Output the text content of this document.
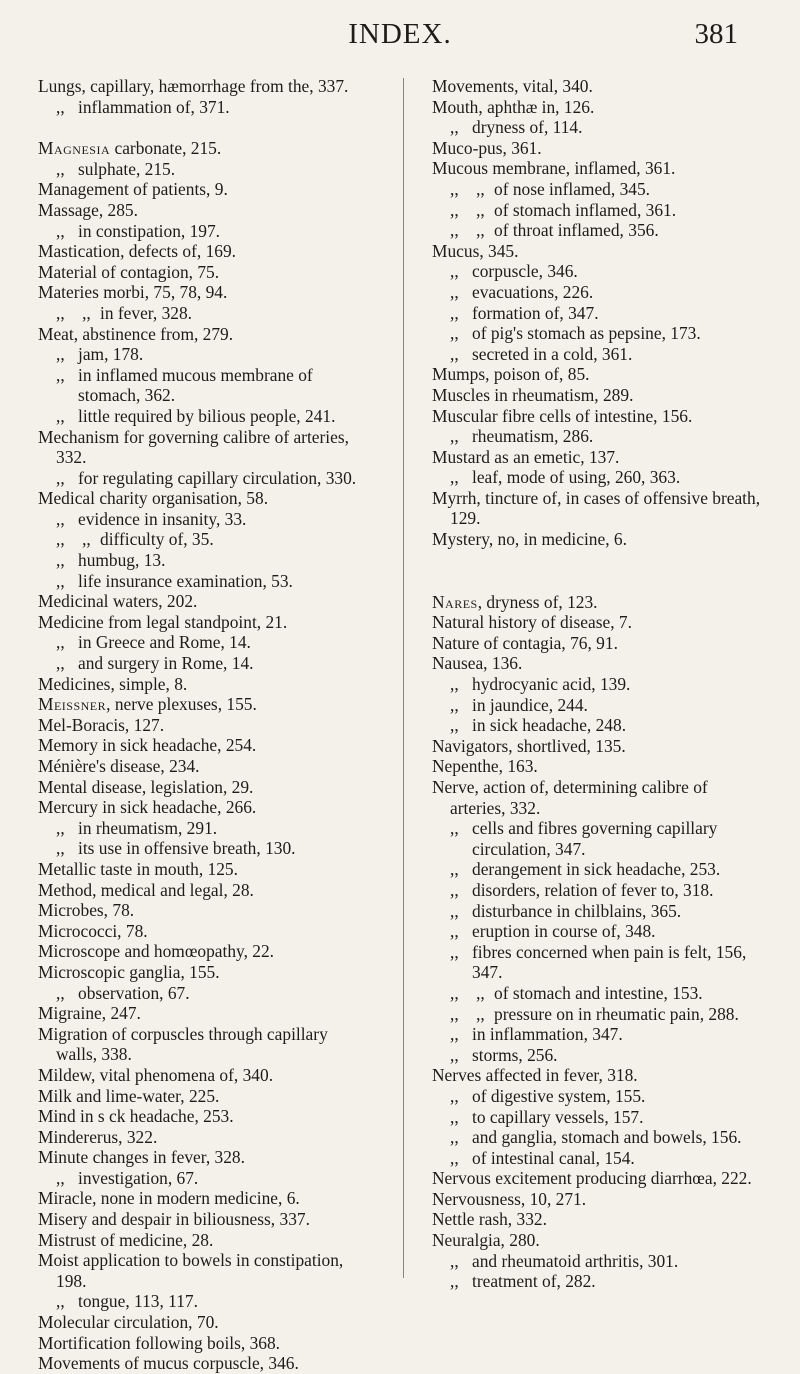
INDEX.	381
Lungs, capillary, hæmorrhage from the, 337.
,, inflammation of, 371.
Magnesia carbonate, 215.
,, sulphate, 215.
Management of patients, 9.
Massage, 285.
,, in constipation, 197.
Mastication, defects of, 169.
Material of contagion, 75.
Materies morbi, 75, 78, 94.
,, ,, in fever, 328.
Meat, abstinence from, 279.
,, jam, 178.
,, in inflamed mucous membrane of stomach, 362.
,, little required by bilious people, 241.
Mechanism for governing calibre of arteries, 332.
,, for regulating capillary circulation, 330.
Medical charity organisation, 58.
,, evidence in insanity, 33.
,, ,, difficulty of, 35.
,, humbug, 13.
,, life insurance examination, 53.
Medicinal waters, 202.
Medicine from legal standpoint, 21.
,, in Greece and Rome, 14.
,, and surgery in Rome, 14.
Medicines, simple, 8.
Meissner, nerve plexuses, 155.
Mel-Boracis, 127.
Memory in sick headache, 254.
Ménière's disease, 234.
Mental disease, legislation, 29.
Mercury in sick headache, 266.
,, in rheumatism, 291.
,, its use in offensive breath, 130.
Metallic taste in mouth, 125.
Method, medical and legal, 28.
Microbes, 78.
Micrococci, 78.
Microscope and homœopathy, 22.
Microscopic ganglia, 155.
,, observation, 67.
Migraine, 247.
Migration of corpuscles through capillary walls, 338.
Mildew, vital phenomena of, 340.
Milk and lime-water, 225.
Mind in s ck headache, 253.
Mindererus, 322.
Minute changes in fever, 328.
,, investigation, 67.
Miracle, none in modern medicine, 6.
Misery and despair in biliousness, 337.
Mistrust of medicine, 28.
Moist application to bowels in constipation, 198.
,, tongue, 113, 117.
Molecular circulation, 70.
Mortification following boils, 368.
Movements of mucus corpuscle, 346.
Movements, vital, 340.
Mouth, aphthæ in, 126.
,, dryness of, 114.
Muco-pus, 361.
Mucous membrane, inflamed, 361.
,, ,, of nose inflamed, 345.
,, ,, of stomach inflamed, 361.
,, ,, of throat inflamed, 356.
Mucus, 345.
,, corpuscle, 346.
,, evacuations, 226.
,, formation of, 347.
,, of pig's stomach as pepsine, 173.
,, secreted in a cold, 361.
Mumps, poison of, 85.
Muscles in rheumatism, 289.
Muscular fibre cells of intestine, 156.
,, rheumatism, 286.
Mustard as an emetic, 137.
,, leaf, mode of using, 260, 363.
Myrrh, tincture of, in cases of offensive breath, 129.
Mystery, no, in medicine, 6.
Nares, dryness of, 123.
Natural history of disease, 7.
Nature of contagia, 76, 91.
Nausea, 136.
,, hydrocyanic acid, 139.
,, in jaundice, 244.
,, in sick headache, 248.
Navigators, shortlived, 135.
Nepenthe, 163.
Nerve, action of, determining calibre of arteries, 332.
,, cells and fibres governing capillary circulation, 347.
,, derangement in sick headache, 253.
,, disorders, relation of fever to, 318.
,, disturbance in chilblains, 365.
,, eruption in course of, 348.
,, fibres concerned when pain is felt, 156, 347.
,, ,, of stomach and intestine, 153.
,, ,, pressure on in rheumatic pain, 288.
,, in inflammation, 347.
,, storms, 256.
Nerves affected in fever, 318.
,, of digestive system, 155.
,, to capillary vessels, 157.
,, and ganglia, stomach and bowels, 156.
,, of intestinal canal, 154.
Nervous excitement producing diarrhœa, 222.
Nervousness, 10, 271.
Nettle rash, 332.
Neuralgia, 280.
,, and rheumatoid arthritis, 301.
,, treatment of, 282.
